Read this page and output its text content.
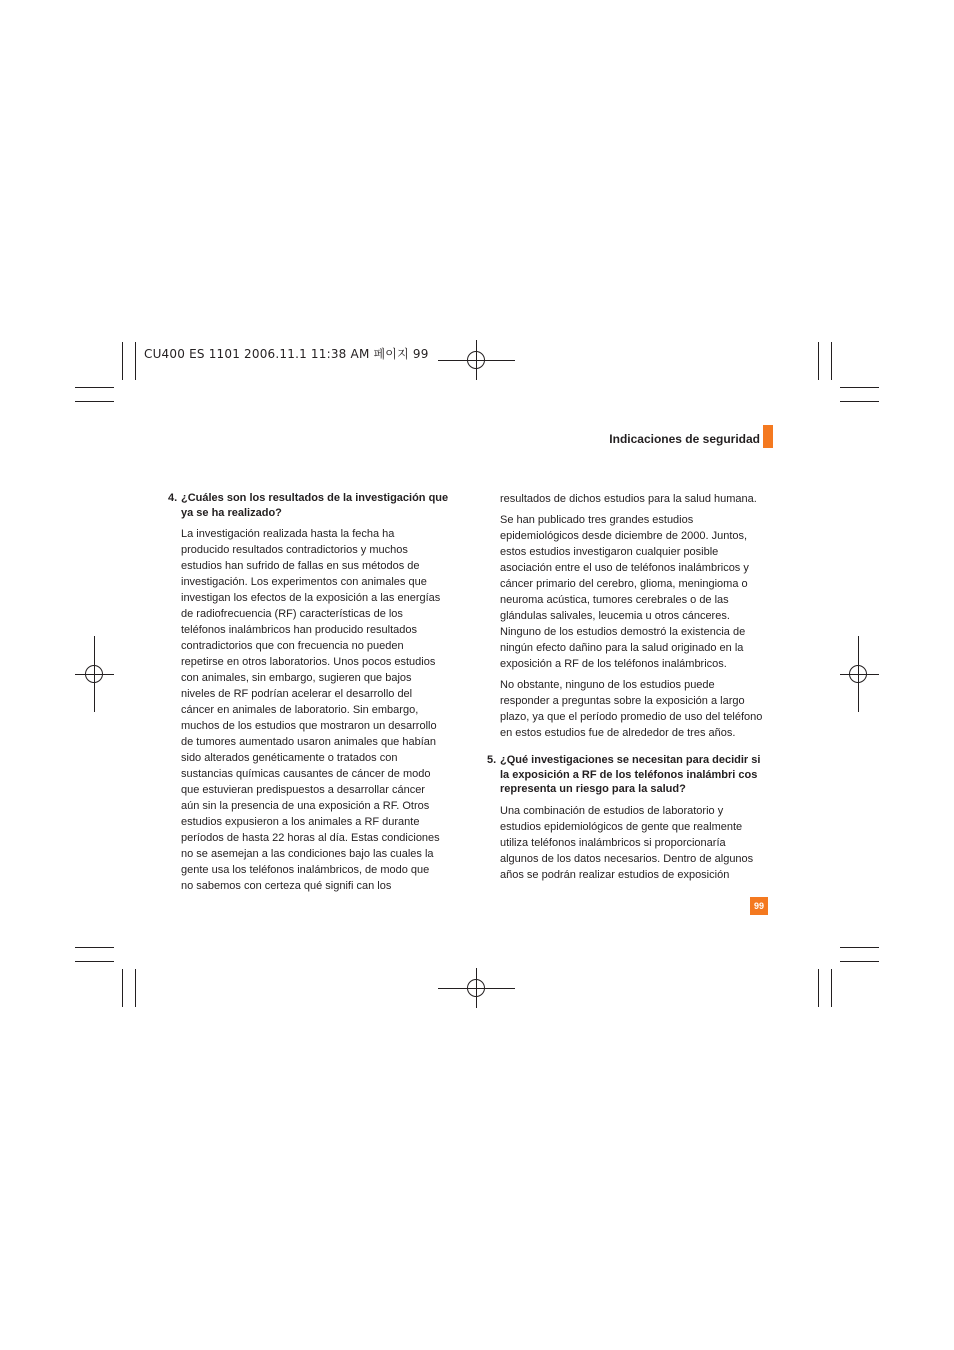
CU400 ES 1101 2006.11.1 11:38 AM 페이지 99
Indicaciones de seguridad
4. ¿Cuáles son los resultados de la investigación que
ya se ha realizado?
La investigación realizada hasta la fecha ha
producido resultados contradictorios y muchos
estudios han sufrido de fallas en sus métodos de
investigación. Los experimentos con animales que
investigan los efectos de la exposición a las energías
de radiofrecuencia (RF) características de los
teléfonos inalámbricos han producido resultados
contradictorios que con frecuencia no pueden
repetirse en otros laboratorios. Unos pocos estudios
con animales, sin embargo, sugieren que bajos
niveles de RF podrían acelerar el desarrollo del
cáncer en animales de laboratorio. Sin embargo,
muchos de los estudios que mostraron un desarrollo
de tumores aumentado usaron animales que habían
sido alterados genéticamente o tratados con
sustancias químicas causantes de cáncer de modo
que estuvieran predispuestos a desarrollar cáncer
aún sin la presencia de una exposición a RF. Otros
estudios expusieron a los animales a RF durante
períodos de hasta 22 horas al día. Estas condiciones
no se asemejan a las condiciones bajo las cuales la
gente usa los teléfonos inalámbricos, de modo que
no sabemos con certeza qué signifi can los
resultados de dichos estudios para la salud humana.
Se han publicado tres grandes estudios
epidemiológicos desde diciembre de 2000. Juntos,
estos estudios investigaron cualquier posible
asociación entre el uso de teléfonos inalámbricos y
cáncer primario del cerebro, glioma, meningioma o
neuroma acústica, tumores cerebrales o de las
glándulas salivales, leucemia u otros cánceres.
Ninguno de los estudios demostró la existencia de
ningún efecto dañino para la salud originado en la
exposición a RF de los teléfonos inalámbricos.
No obstante, ninguno de los estudios puede
responder a preguntas sobre la exposición a largo
plazo, ya que el período promedio de uso del teléfono
en estos estudios fue de alrededor de tres años.
5. ¿Qué investigaciones se necesitan para decidir si
la exposición a RF de los teléfonos inalámbri cos
representa un riesgo para la salud?
Una combinación de estudios de laboratorio y
estudios epidemiológicos de gente que realmente
utiliza teléfonos inalámbricos si proporcionaría
algunos de los datos necesarios. Dentro de algunos
años se podrán realizar estudios de exposición
99
